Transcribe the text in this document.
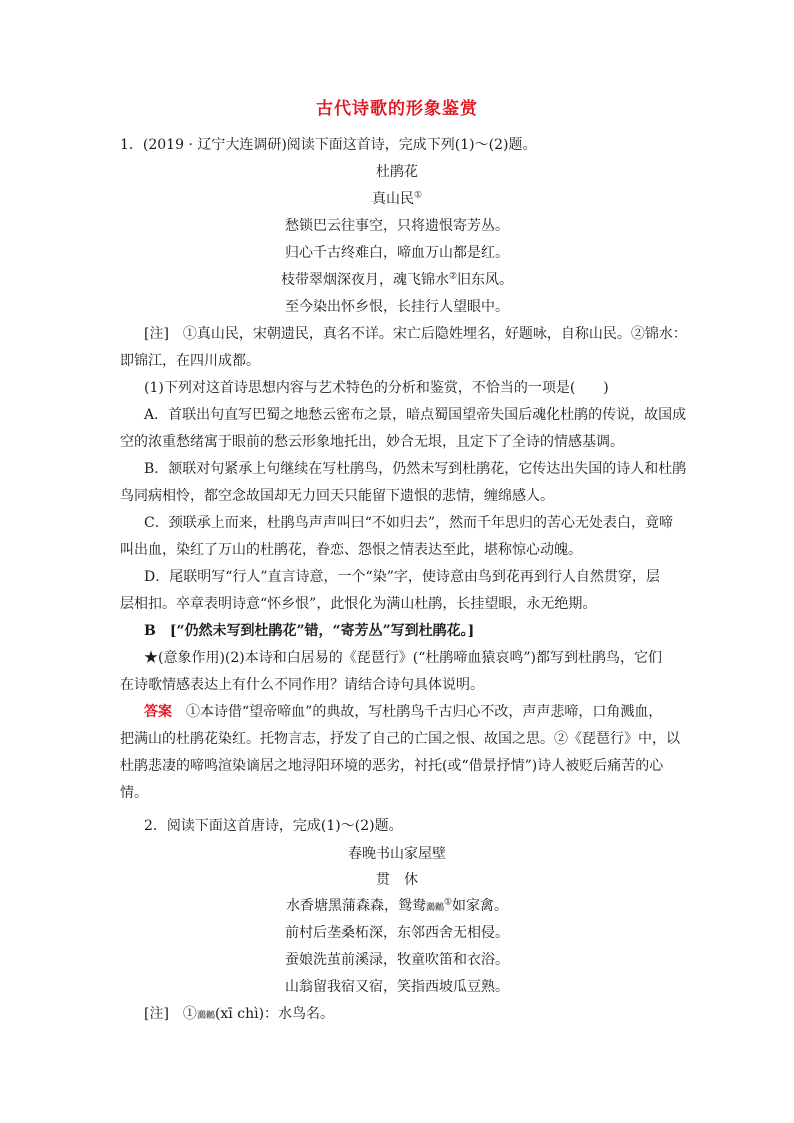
古代诗歌的形象鉴赏
1．(2019 · 辽宁大连调研)阅读下面这首诗，完成下列(1)～(2)题。
杜鹃花
真山民①
愁锁巴云往事空，只将遗恨寄芳丛。
归心千古终难白，啼血万山都是红。
枝带翠烟深夜月，魂飞锦水②旧东风。
至今染出怀乡恨，长挂行人望眼中。
[注]　①真山民，宋朝遗民，真名不详。宋亡后隐姓埋名，好题咏，自称山民。②锦水：
即锦江，在四川成都。
(1)下列对这首诗思想内容与艺术特色的分析和鉴赏，不恰当的一项是(　　)
A．首联出句直写巴蜀之地愁云密布之景，暗点蜀国望帝失国后魂化杜鹃的传说，故国成
空的浓重愁绪寓于眼前的愁云形象地托出，妙合无垠，且定下了全诗的情感基调。
B．颔联对句紧承上句继续在写杜鹃鸟，仍然未写到杜鹃花，它传达出失国的诗人和杜鹃
鸟同病相怜，都空念故国却无力回天只能留下遗恨的悲情，缠绵感人。
C．颈联承上而来，杜鹃鸟声声叫曰“不如归去”，然而千年思归的苦心无处表白，竟啼
叫出血，染红了万山的杜鹃花，眷恋、怨恨之情表达至此，堪称惊心动魄。
D．尾联明写“行人”直言诗意，一个“染”字，使诗意由鸟到花再到行人自然贯穿，层
层相扣。卒章表明诗意“怀乡恨”，此恨化为满山杜鹃，长挂望眼，永无绝期。
B　[“仍然未写到杜鹃花”错，“寄芳丛”写到杜鹃花。]
★(意象作用)(2)本诗和白居易的《琵琶行》(“杜鹃啼血猿哀鸣”)都写到杜鹃鸟，它们
在诗歌情感表达上有什么不同作用？请结合诗句具体说明。
答案　①本诗借“望帝啼血”的典故，写杜鹃鸟千古归心不改，声声悲啼，口角溅血，
把满山的杜鹃花染红。托物言志，抒发了自己的亡国之恨、故国之思。②《琵琶行》中，以
杜鹃悲凄的啼鸣渲染谪居之地浔阳环境的恶劣，衬托(或“借景抒情”)诗人被贬后痛苦的心
情。
2．阅读下面这首唐诗，完成(1)～(2)题。
春晚书山家屋壁
贯　休
水香塘黑蒲森森，鸳鸯鸂鶒①如家禽。
前村后垄桑柘深，东邻西舍无相侵。
蚕娘洗茧前溪渌，牧童吹笛和衣浴。
山翁留我宿又宿，笑指西坡瓜豆熟。
[注]　①鸂鶒(xī chì)：水鸟名。
